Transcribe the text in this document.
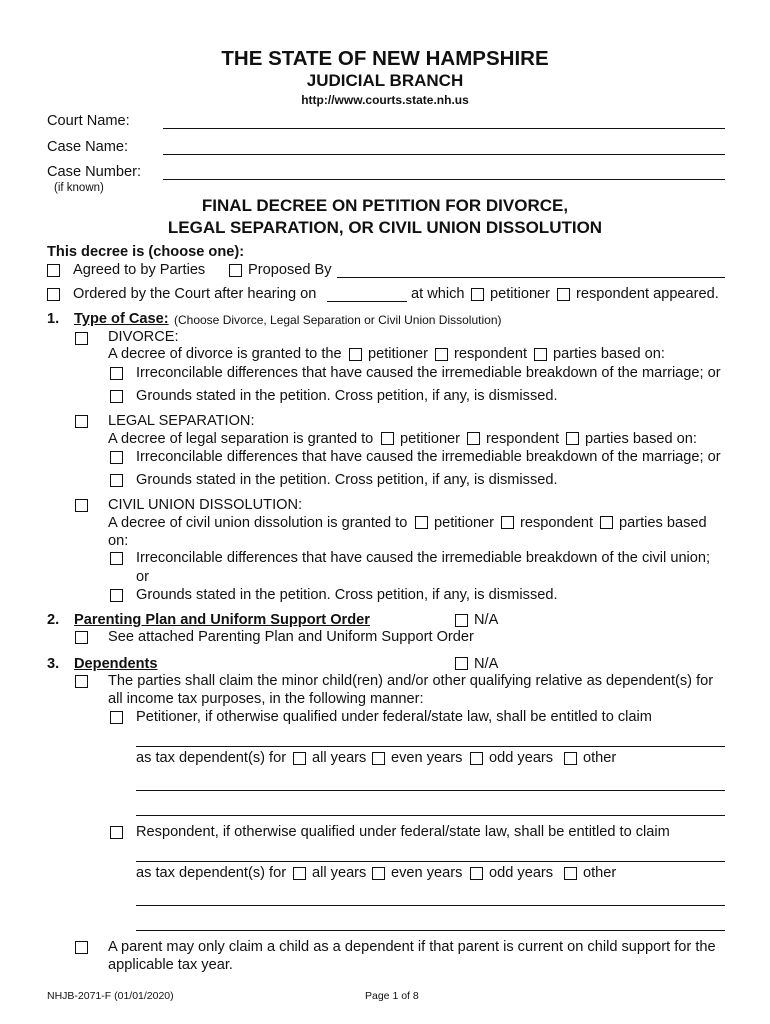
THE STATE OF NEW HAMPSHIRE
JUDICIAL BRANCH
http://www.courts.state.nh.us
Court Name:
Case Name:
Case Number:
(if known)
FINAL DECREE ON PETITION FOR DIVORCE,
LEGAL SEPARATION, OR CIVIL UNION DISSOLUTION
This decree is (choose one):
Agreed to by Parties	Proposed By
Ordered by the Court after hearing on	at which petitioner respondent appeared.
1. Type of Case: (Choose Divorce, Legal Separation or Civil Union Dissolution)
DIVORCE:
A decree of divorce is granted to the petitioner respondent parties based on:
Irreconcilable differences that have caused the irremediable breakdown of the marriage; or
Grounds stated in the petition. Cross petition, if any, is dismissed.
LEGAL SEPARATION:
A decree of legal separation is granted to petitioner respondent parties based on:
Irreconcilable differences that have caused the irremediable breakdown of the marriage; or
Grounds stated in the petition. Cross petition, if any, is dismissed.
CIVIL UNION DISSOLUTION:
A decree of civil union dissolution is granted to petitioner respondent parties based
on:
Irreconcilable differences that have caused the irremediable breakdown of the civil union;
or
Grounds stated in the petition. Cross petition, if any, is dismissed.
2. Parenting Plan and Uniform Support Order	N/A
See attached Parenting Plan and Uniform Support Order
3. Dependents	N/A
The parties shall claim the minor child(ren) and/or other qualifying relative as dependent(s) for
all income tax purposes, in the following manner:
Petitioner, if otherwise qualified under federal/state law, shall be entitled to claim
as tax dependent(s) for all years even years odd years other
Respondent, if otherwise qualified under federal/state law, shall be entitled to claim
as tax dependent(s) for all years even years odd years other
A parent may only claim a child as a dependent if that parent is current on child support for the
applicable tax year.
NHJB-2071-F (01/01/2020)	Page 1 of 8
